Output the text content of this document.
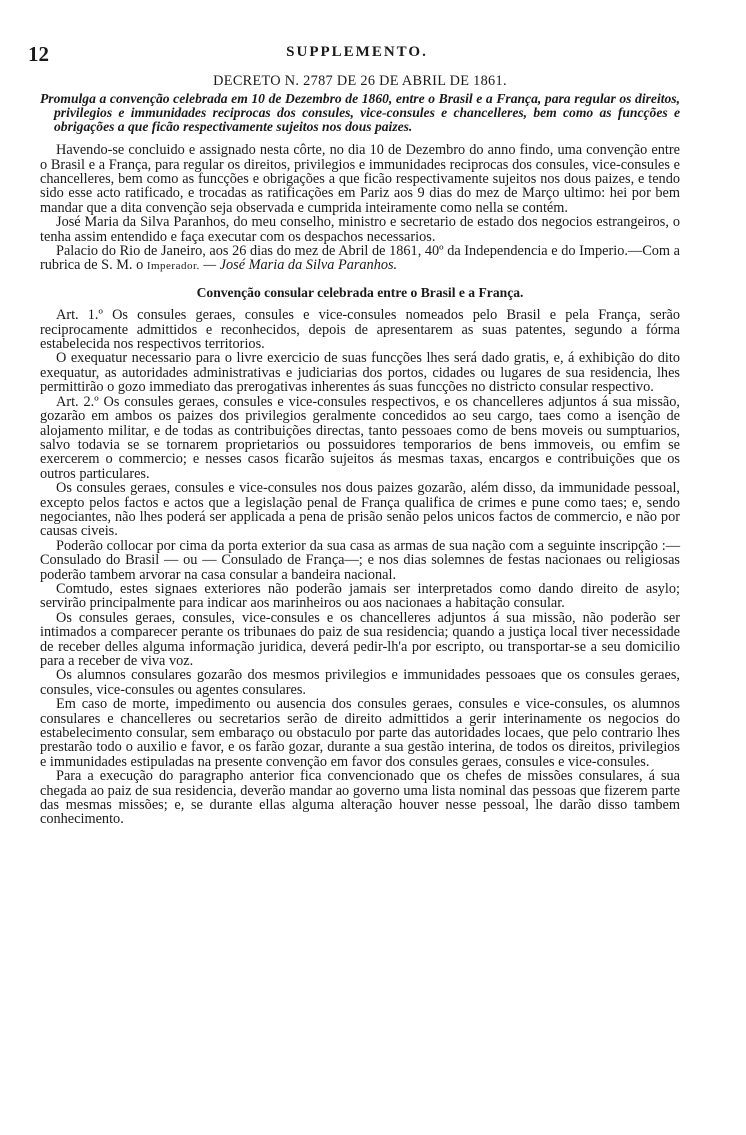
12	SUPPLEMENTO.
DECRETO N. 2787 DE 26 DE ABRIL DE 1861.
Promulga a convenção celebrada em 10 de Dezembro de 1860, entre o Brasil e a França, para regular os direitos, privilegios e immunidades reciprocas dos consules, vice-consules e chancelleres, bem como as funcções e obrigações a que ficão respectivamente sujeitos nos dous paizes.

Havendo-se concluido e assignado nesta côrte, no dia 10 de Dezembro do anno findo, uma convenção entre o Brasil e a França, para regular os direitos, privilegios e immunidades reciprocas dos consules, vice-consules e chancelleres, bem como as funcções e obrigações a que ficão respectivamente sujeitos nos dous paizes, e tendo sido esse acto ratificado, e trocadas as ratificações em Pariz aos 9 dias do mez de Março ultimo: hei por bem mandar que a dita convenção seja observada e cumprida inteiramente como nella se contém.

José Maria da Silva Paranhos, do meu conselho, ministro e secretario de estado dos negocios estrangeiros, o tenha assim entendido e faça executar com os despachos necessarios.

Palacio do Rio de Janeiro, aos 26 dias do mez de Abril de 1861, 40º da Independencia e do Imperio.—Com a rubrica de S. M. o Imperador. — José Maria da Silva Paranhos.

Convenção consular celebrada entre o Brasil e a França.

Art. 1.º Os consules geraes, consules e vice-consules nomeados pelo Brasil e pela França, serão reciprocamente admittidos e reconhecidos, depois de apresentarem as suas patentes, segundo a fórma estabelecida nos respectivos territorios.

O exequatur necessario para o livre exercicio de suas funcções lhes será dado gratis, e, á exhibição do dito exequatur, as autoridades administrativas e judiciarias dos portos, cidades ou lugares de sua residencia, lhes permittirão o gozo immediato das prerogativas inherentes ás suas funcções no districto consular respectivo.

Art. 2.º Os consules geraes, consules e vice-consules respectivos, e os chancelleres adjuntos á sua missão, gozarão em ambos os paizes dos privilegios geralmente concedidos ao seu cargo, taes como a isenção de alojamento militar, e de todas as contribuições directas, tanto pessoaes como de bens moveis ou sumptuarios, salvo todavia se se tornarem proprietarios ou possuidores temporarios de bens immoveis, ou emfim se exercerem o commercio; e nesses casos ficarão sujeitos ás mesmas taxas, encargos e contribuições que os outros particulares.

Os consules geraes, consules e vice-consules nos dous paizes gozarão, além disso, da immunidade pessoal, excepto pelos factos e actos que a legislação penal de França qualifica de crimes e pune como taes; e, sendo negociantes, não lhes poderá ser applicada a pena de prisão senão pelos unicos factos de commercio, e não por causas civeis.

Poderão collocar por cima da porta exterior da sua casa as armas de sua nação com a seguinte inscripção :—Consulado do Brasil — ou — Consulado de França—; e nos dias solemnes de festas nacionaes ou religiosas poderão tambem arvorar na casa consular a bandeira nacional.

Comtudo, estes signaes exteriores não poderão jamais ser interpretados como dando direito de asylo; servirão principalmente para indicar aos marinheiros ou aos nacionaes a habitação consular.

Os consules geraes, consules, vice-consules e os chancelleres adjuntos á sua missão, não poderão ser intimados a comparecer perante os tribunaes do paiz de sua residencia; quando a justiça local tiver necessidade de receber delles alguma informação juridica, deverá pedir-lh'a por escripto, ou transportar-se a seu domicilio para a receber de viva voz.

Os alumnos consulares gozarão dos mesmos privilegios e immunidades pessoaes que os consules geraes, consules, vice-consules ou agentes consulares.

Em caso de morte, impedimento ou ausencia dos consules geraes, consules e vice-consules, os alumnos consulares e chancelleres ou secretarios serão de direito admittidos a gerir interinamente os negocios do estabelecimento consular, sem embaraço ou obstaculo por parte das autoridades locaes, que pelo contrario lhes prestarão todo o auxilio e favor, e os farão gozar, durante a sua gestão interina, de todos os direitos, privilegios e immunidades estipuladas na presente convenção em favor dos consules geraes, consules e vice-consules.

Para a execução do paragrapho anterior fica convencionado que os chefes de missões consulares, á sua chegada ao paiz de sua residencia, deverão mandar ao governo uma lista nominal das pessoas que fizerem parte das mesmas missões; e, se durante ellas alguma alteração houver nesse pessoal, lhe darão disso tambem conhecimento.
